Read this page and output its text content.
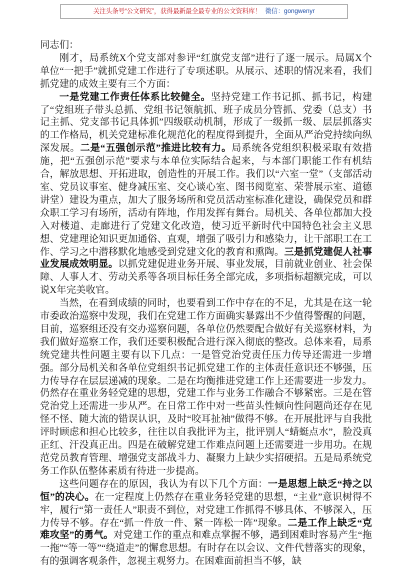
关注头条号“公文研究”，获得最新最全最专业的公文资料库！ 微信：gongwenyr

同志们：

刚才，局系统X个党支部对参评“红旗党支部”进行了逐一展示。局属X个单位“一把手”就抓党建工作进行了专项述职。从展示、述职的情况来看，我们抓党建的成效主要有三个方面：

一是党建工作责任体系比较健全。坚持党建工作书记抓、抓书记，构建了“党组班子带头总抓、党组书记领航抓、班子成员分管抓、党委（总支）书记主抓、党支部书记具体抓”四级联动机制，形成了一级抓一级、层层抓落实的工作格局，机关党建标准化规范化的程度得到提升，全面从严治党持续向纵深发展。二是“五强创示范”推进比较有力。局系统各党组织积极采取有效措施，把“五强创示范”要求与本单位实际结合起来，与本部门职能工作有机结合，解放思想、开拓进取，创造性的开展工作。我们以“六室一堂”（支部活动室、党员议事室、健身减压室、交心谈心室、图书阅览室、荣誉展示室、道德讲堂）建设为重点，加大了服务场所和党员活动室标准化建设，确保党员和群众职工学习有场所，活动有阵地，作用发挥有舞台。局机关、各单位都加大投入对楼道、走廊进行了党建文化改造，使习近平新时代中国特色社会主义思想、党建理论知识更加通俗、直观，增强了吸引力和感染力，让干部职工在工作、学习之中潜移默化地感受到党建文化的教育和熏陶。三是抓党建促人社事业发展成效明显。以抓党建促进业务开展、事业发展，目前就业创业、社会保障、人事人才、劳动关系等各项目标任务全部完成，多项指标超额完成，可以说X年完美收官。

当然，在看到成绩的同时，也要看到工作中存在的不足，尤其是在这一轮市委政治巡察中发现，我们在党建工作方面确实暴露出不少值得警醒的问题，目前，巡察组还没有交办巡察问题，各单位仍然要配合做好有关巡察材料，为我们做好巡察工作，我们还要积极配合进行深入彻底的整改。总体来看，局系统党建共性问题主要有以下几点：一是管党治党责任压力传导还需进一步增强。部分局机关和各单位党组织书记抓党建工作的主体责任意识还不够强，压力传导存在层层递减的现象。二是在均衡推进党建工作上还需要进一步发力。仍然存在重业务轻党建的思想，党建工作与业务工作融合不够紧密。三是在管党治党上还需进一步从严。在日常工作中对一些苗头性倾向性问题尚还存在见怪不怪、随大流的错误认识，及时“咬耳扯袖”做得不够。在开展批评与自我批评时顾虑和担心比较多，往往以自我批评为主，批评别人“蜻蜓点水”，脸没真正红、汗没真正出。四是在破解党建工作难点问题上还需要进一步用功。在规范党员教育管理、增强党支部战斗力、凝聚力上缺少实招硬招。五是局系统党务工作队伍整体素质有待进一步提高。

这些问题存在的原因，我认为有以下几个方面：一是思想上缺乏“持之以恒”的决心。在一定程度上仍然存在重业务轻党建的思想，“主业”意识树得不牢，履行“第一责任人”职责不到位，对党建工作抓得不够具体、不够深入，压力传导不够。存在“抓一件放一件、紧一阵松一阵”现象。二是工作上缺乏“克难攻坚”的勇气。对党建工作的重点和难点掌握不够，遇到困难时容易产生“拖一拖”“等一等”“绕道走”的懈怠思想。有时存在以会议、文件代替落实的现象，有的强调客观条件，忽视主观努力。在困难面前担当不够，缺
